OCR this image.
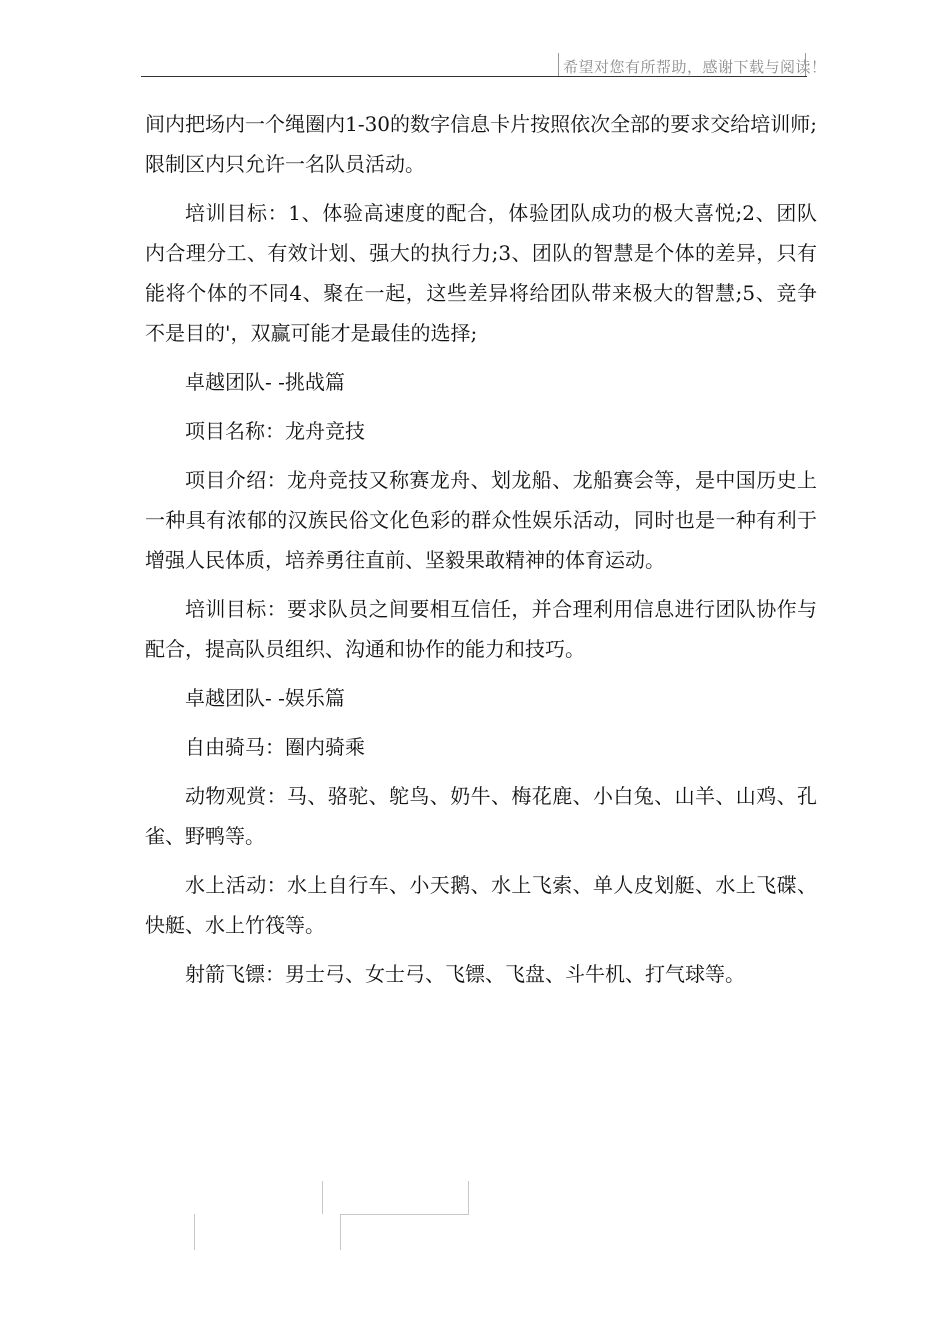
希望对您有所帮助，感谢下载与阅读！

间内把场内一个绳圈内1-30的数字信息卡片按照依次全部的要求交给培训师;限制区内只允许一名队员活动。

培训目标：1、体验高速度的配合，体验团队成功的极大喜悦;2、团队内合理分工、有效计划、强大的执行力;3、团队的智慧是个体的差异，只有能将个体的不同4、聚在一起，这些差异将给团队带来极大的智慧;5、竞争不是目的'，双赢可能才是最佳的选择;

卓越团队- -挑战篇

项目名称：龙舟竞技

项目介绍：龙舟竞技又称赛龙舟、划龙船、龙船赛会等，是中国历史上一种具有浓郁的汉族民俗文化色彩的群众性娱乐活动，同时也是一种有利于增强人民体质，培养勇往直前、坚毅果敢精神的体育运动。

培训目标：要求队员之间要相互信任，并合理利用信息进行团队协作与配合，提高队员组织、沟通和协作的能力和技巧。

卓越团队- -娱乐篇

自由骑马：圈内骑乘

动物观赏：马、骆驼、鸵鸟、奶牛、梅花鹿、小白兔、山羊、山鸡、孔雀、野鸭等。

水上活动：水上自行车、小天鹅、水上飞索、单人皮划艇、水上飞碟、快艇、水上竹筏等。

射箭飞镖：男士弓、女士弓、飞镖、飞盘、斗牛机、打气球等。
